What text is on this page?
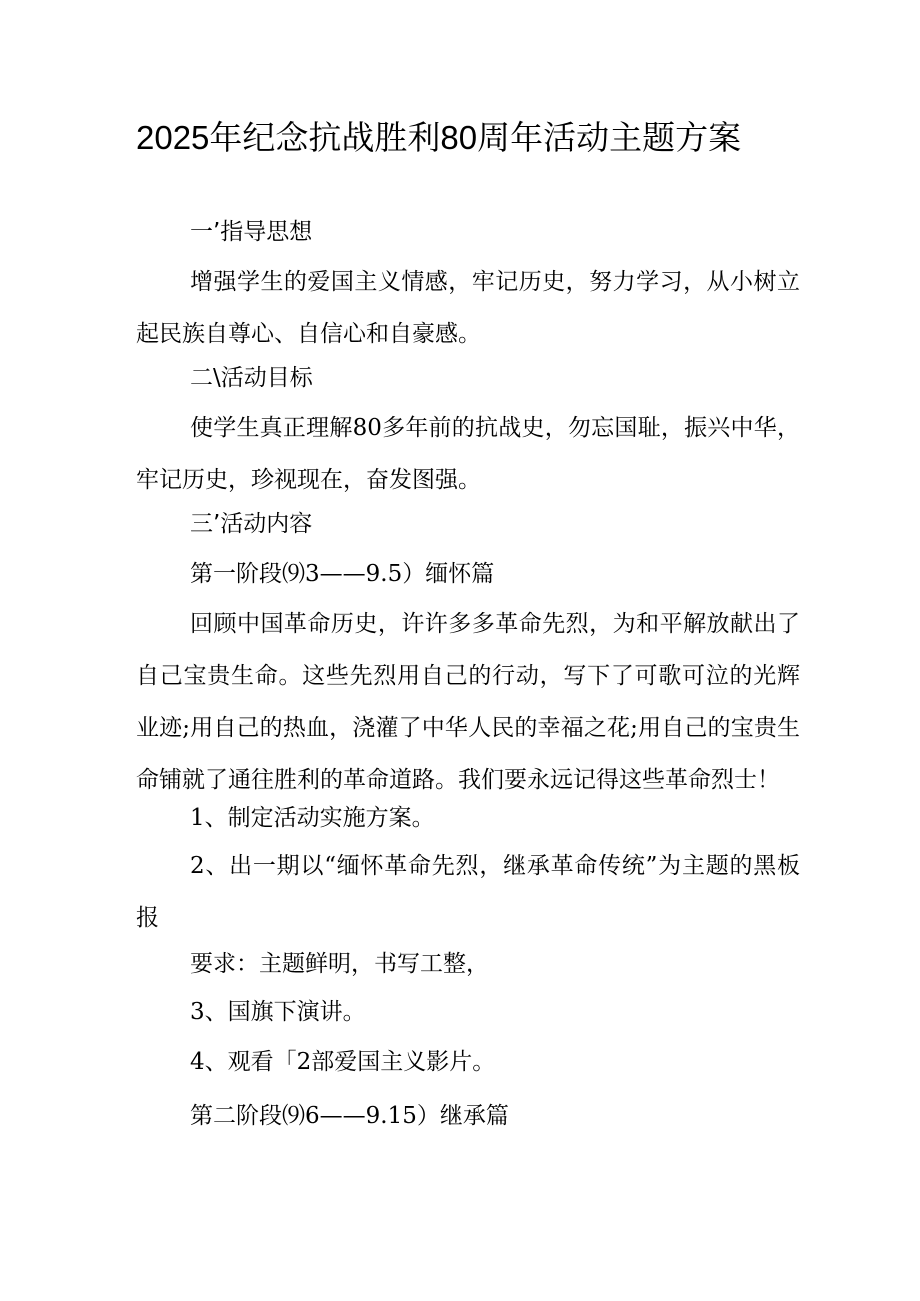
2025年纪念抗战胜利80周年活动主题方案

一’指导思想

增强学生的爱国主义情感，牢记历史，努力学习，从小树立起民族自尊心、自信心和自豪感。

二\活动目标

使学生真正理解80多年前的抗战史，勿忘国耻，振兴中华，牢记历史，珍视现在，奋发图强。

三’活动内容

第一阶段⑼3——9.5）缅怀篇

回顾中国革命历史，许许多多革命先烈，为和平解放献出了自己宝贵生命。这些先烈用自己的行动，写下了可歌可泣的光辉业迹;用自己的热血，浇灌了中华人民的幸福之花;用自己的宝贵生命铺就了通往胜利的革命道路。我们要永远记得这些革命烈士！

1、制定活动实施方案。

2、出一期以“缅怀革命先烈，继承革命传统”为主题的黑板报

要求：主题鲜明，书写工整，

3、国旗下演讲。

4、观看「2部爱国主义影片。

第二阶段⑼6——9.15）继承篇
